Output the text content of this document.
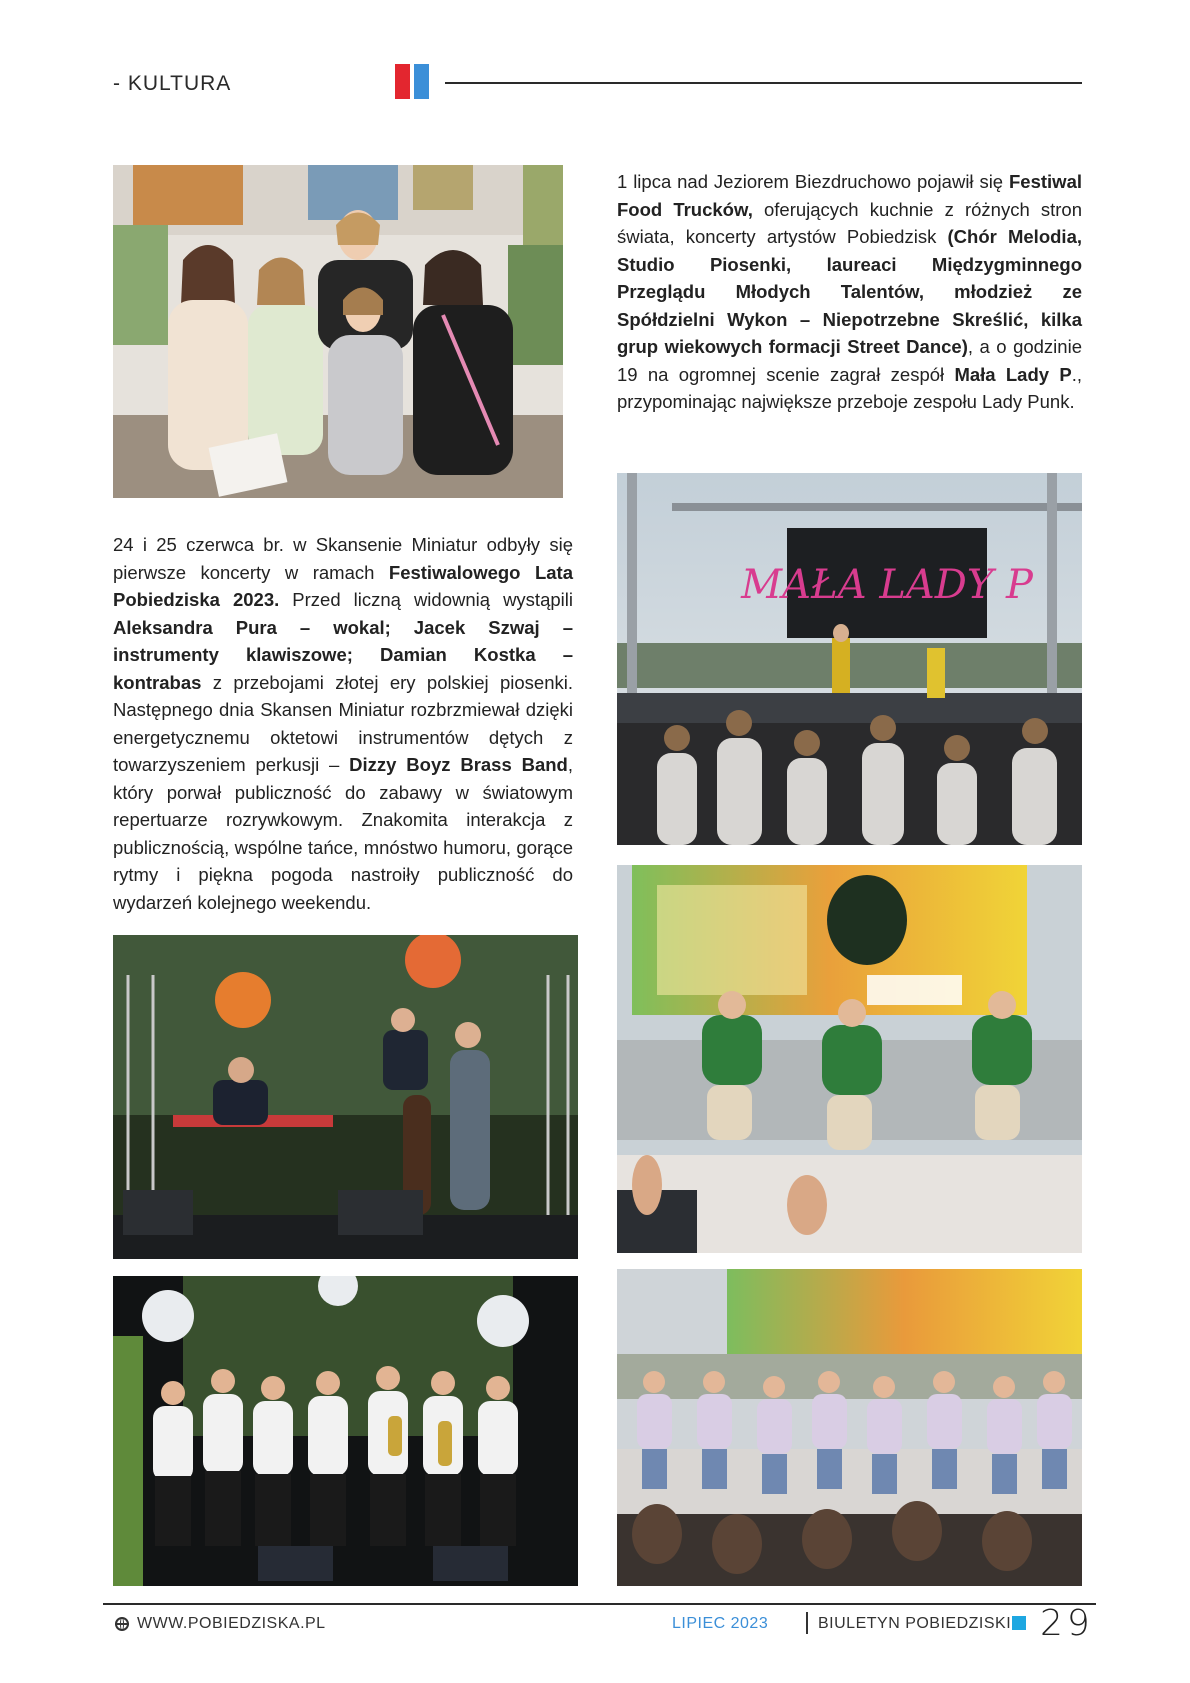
- KULTURA
1 lipca nad Jeziorem Biezdruchowo pojawił się Festiwal Food Trucków, oferujących kuchnie z różnych stron świata, koncerty artystów Pobiedzisk (Chór Melodia, Studio Piosenki, laureaci Międzygminnego Przeglądu Młodych Talentów, młodzież ze Spółdzielni Wykon – Niepotrzebne Skreślić, kilka grup wiekowych formacji Street Dance), a o godzinie 19 na ogromnej scenie zagrał zespół Mała Lady P., przypominając największe przeboje zespołu Lady Punk.
24 i 25 czerwca br. w Skansenie Miniatur odbyły się pierwsze koncerty w ramach Festiwalowego Lata Pobiedziska 2023. Przed liczną widownią wystąpili Aleksandra Pura – wokal; Jacek Szwaj – instrumenty klawiszowe; Damian Kostka – kontrabas z przebojami złotej ery polskiej piosenki. Następnego dnia Skansen Miniatur rozbrzmiewał dzięki energetycznemu oktetowi instrumentów dętych z towarzyszeniem perkusji – Dizzy Boyz Brass Band, który porwał publiczność do zabawy w światowym repertuarze rozrywkowym. Znakomita interakcja z publicznością, wspólne tańce, mnóstwo humoru, gorące rytmy i piękna pogoda nastroiły publiczność do wydarzeń kolejnego weekendu.
MAŁA LADY P
WWW.POBIEDZISKA.PL	LIPIEC 2023	BIULETYN POBIEDZISKI 29
